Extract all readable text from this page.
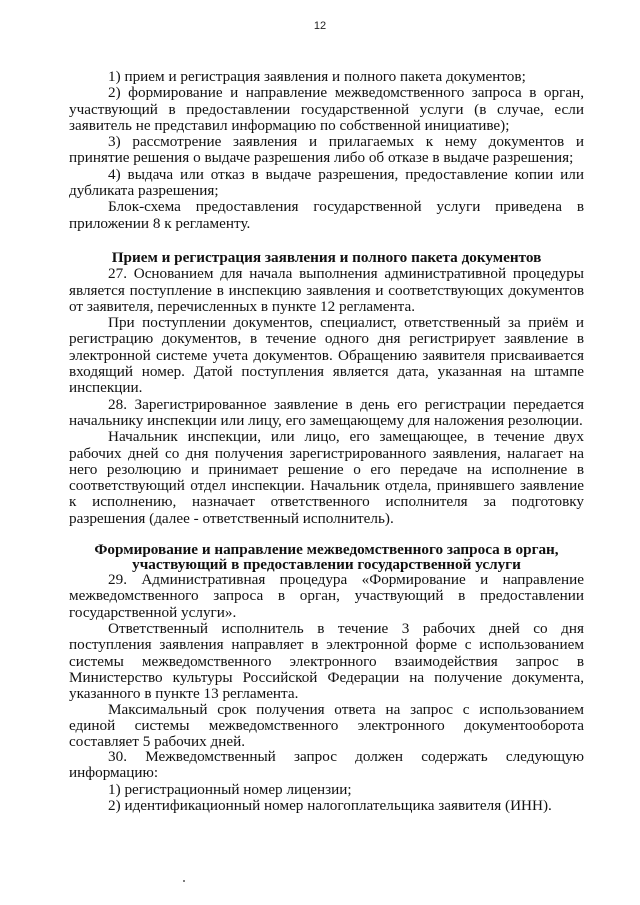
12

1) прием и регистрация заявления и полного пакета документов;

2) формирование и направление межведомственного запроса в орган, участвующий в предоставлении государственной услуги (в случае, если заявитель не представил информацию по собственной инициативе);

3) рассмотрение заявления и прилагаемых к нему документов и принятие решения о выдаче разрешения либо об отказе в выдаче разрешения;

4) выдача или отказ в выдаче разрешения, предоставление копии или дубликата разрешения;

Блок-схема предоставления государственной услуги приведена в приложении 8 к регламенту.

Прием и регистрация заявления и полного пакета документов

27. Основанием для начала выполнения административной процедуры является поступление в инспекцию заявления и соответствующих документов от заявителя, перечисленных в пункте 12 регламента.

При поступлении документов, специалист, ответственный за приём и регистрацию документов, в течение одного дня регистрирует заявление в электронной системе учета документов. Обращению заявителя присваивается входящий номер. Датой поступления является дата, указанная на штампе инспекции.

28. Зарегистрированное заявление в день его регистрации передается начальнику инспекции или лицу, его замещающему для наложения резолюции.

Начальник инспекции, или лицо, его замещающее, в течение двух рабочих дней со дня получения зарегистрированного заявления, налагает на него резолюцию и принимает решение о его передаче на исполнение в соответствующий отдел инспекции. Начальник отдела, принявшего заявление к исполнению, назначает ответственного исполнителя за подготовку разрешения (далее - ответственный исполнитель).

Формирование и направление межведомственного запроса в орган, участвующий в предоставлении государственной услуги

29. Административная процедура «Формирование и направление межведомственного запроса в орган, участвующий в предоставлении государственной услуги».

Ответственный исполнитель в течение 3 рабочих дней со дня поступления заявления направляет в электронной форме с использованием системы межведомственного электронного взаимодействия запрос в Министерство культуры Российской Федерации на получение документа, указанного в пункте 13 регламента.

Максимальный срок получения ответа на запрос с использованием единой системы межведомственного электронного документооборота составляет 5 рабочих дней.

30. Межведомственный запрос должен содержать следующую информацию:

1) регистрационный номер лицензии;

2) идентификационный номер налогоплательщика заявителя (ИНН).
